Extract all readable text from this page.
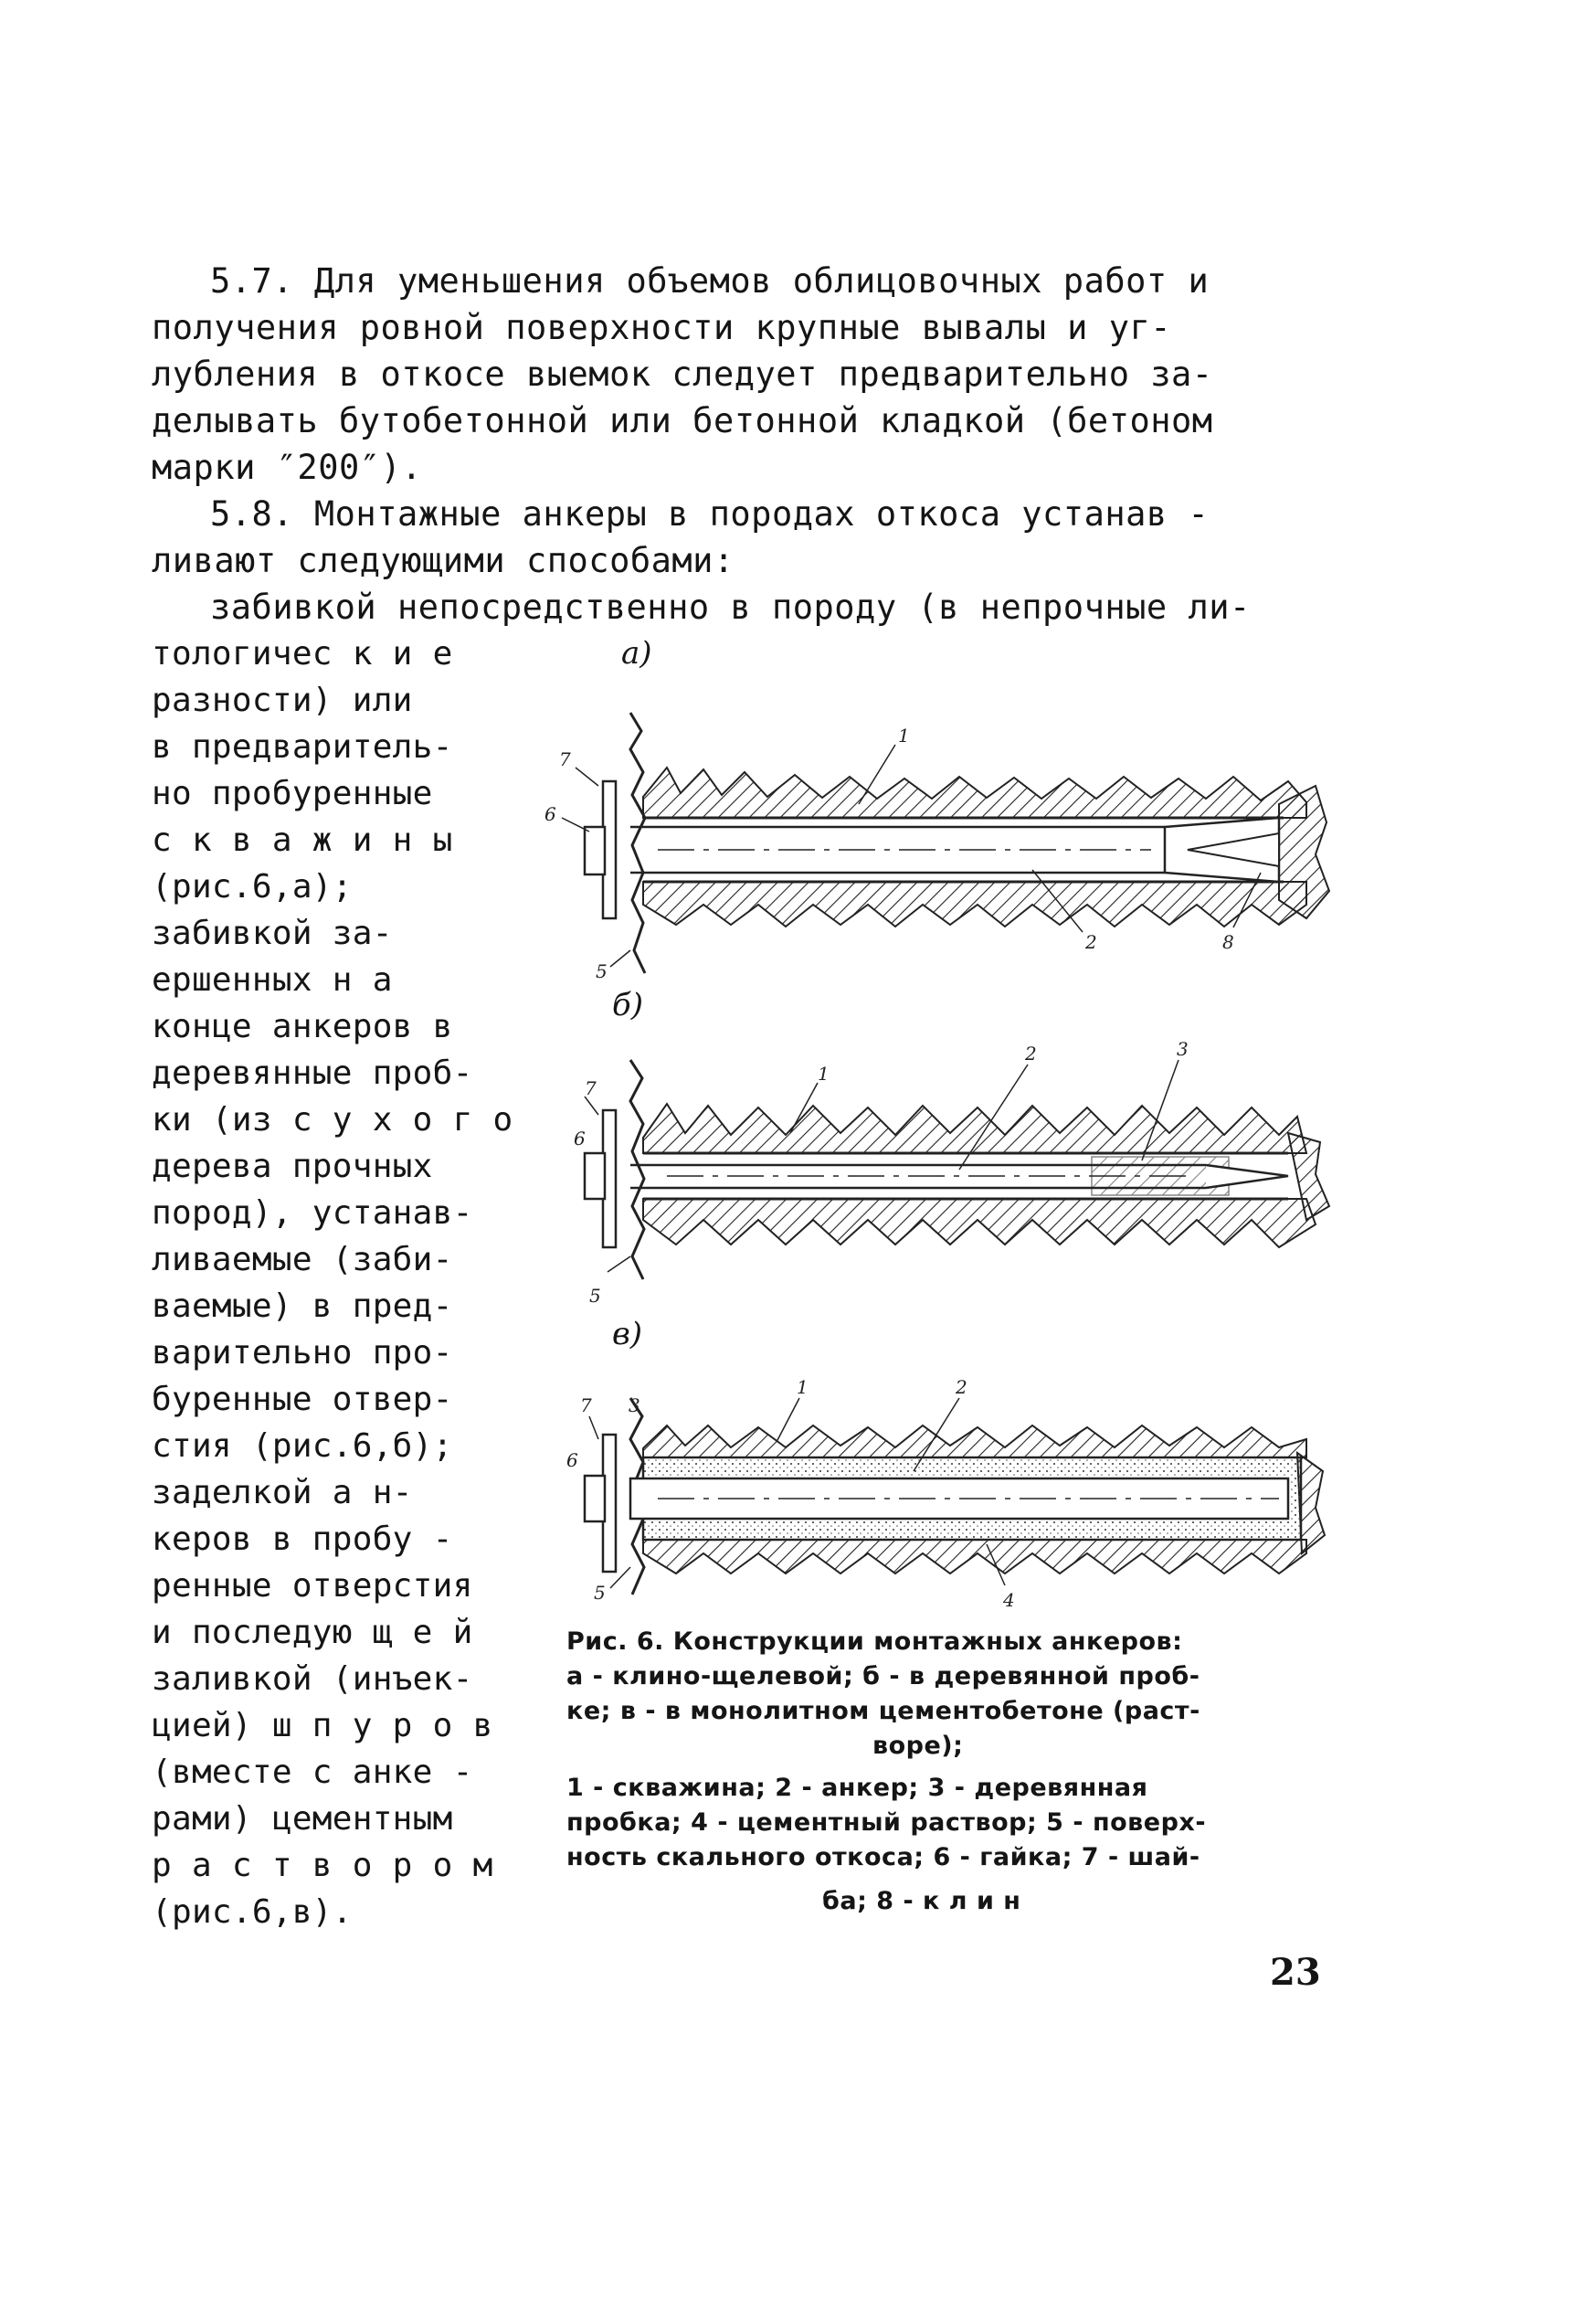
5.7. Для уменьшения объемов облицовочных работ и
получения ровной поверхности крупные вывалы и уг-
лубления в откосе выемок следует предварительно за-
делывать бутобетонной или бетонной кладкой (бетоном
марки ″200″).
5.8. Монтажные анкеры в породах откоса устанав -
ливают следующими способами:
забивкой непосредственно в породу (в непрочные ли-
тологичес к и е
разности) или
в предваритель-
но пробуренные
с к в а ж и н ы
(рис.6,а);
забивкой за-
ершенных н а
конце анкеров в
деревянные проб-
ки (из с у х о г о
дерева прочных
пород), устанав-
ливаемые (заби-
ваемые) в пред-
варительно про-
буренные отвер-
стия (рис.6,б);
заделкой а н-
керов в пробу -
ренные отверстия
и последую щ е й
заливкой (инъек-
цией) ш п у р о в
(вместе с анке -
рами) цементным
р а с т в о р о м
(рис.6,в).
а)
б)
в)
1
2	8
7
6
5
1
2	3
7
6
5
1	2
3
4
7
6
5
Рис. 6. Конструкции монтажных анкеров:
а - клино-щелевой; б - в деревянной проб-
ке; в - в монолитном цементобетоне (раст-
воре);
1 - скважина; 2 - анкер; 3 - деревянная
пробка; 4 - цементный раствор; 5 - поверх-
ность скального откоса; 6 - гайка; 7 - шай-
ба; 8 - к л и н
23
